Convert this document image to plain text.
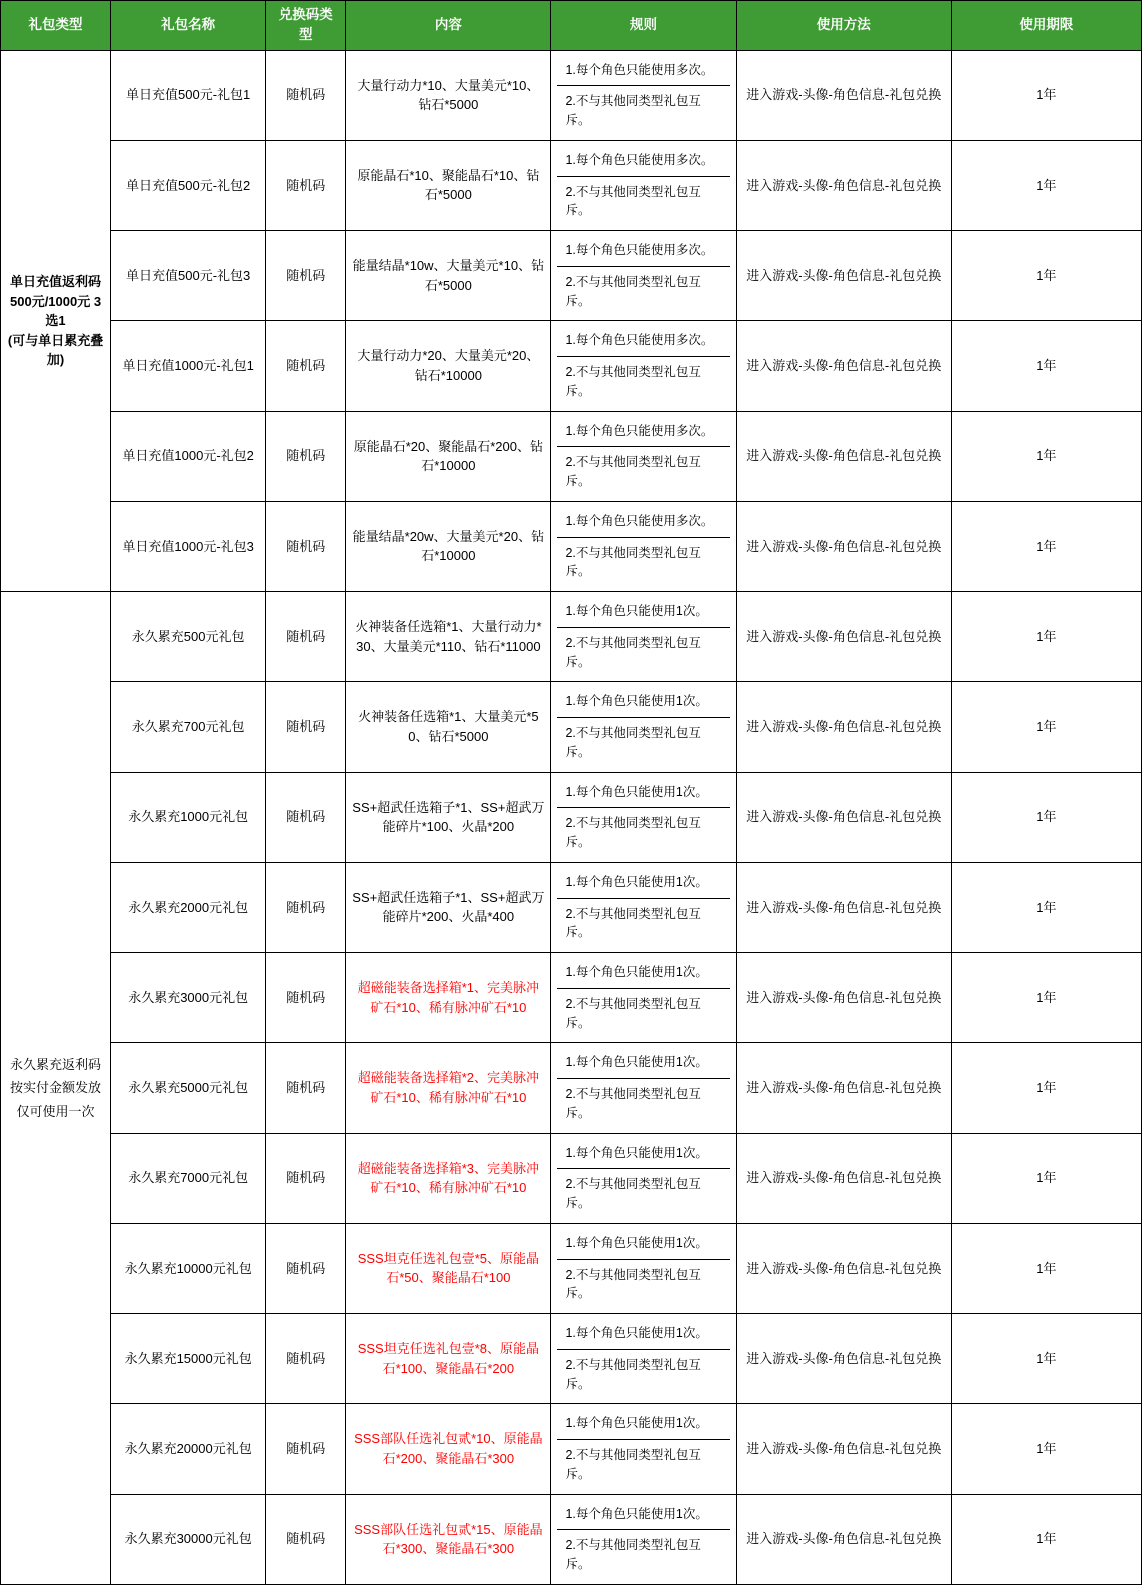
礼包类型	礼包名称	兑换码类型	内容	规则	使用方法	使用期限

单日充值返利码
500元/1000元 3选1
(可与单日累充叠
加)
	单日充值500元-礼包1	随机码	大量行动力*10、大量美元*10、钻石*5000	
1.每个角色只能使用多次。
2.不与其他同类型礼包互斥。
	进入游戏-头像-角色信息-礼包兑换	1年
	单日充值500元-礼包2	随机码	原能晶石*10、聚能晶石*10、钻石*5000	1.每个角色只能使用多次。
2.不与其他同类型礼包互斥。	进入游戏-头像-角色信息-礼包兑换	1年
	单日充值500元-礼包3	随机码	能量结晶*10w、大量美元*10、钻石*5000	1.每个角色只能使用多次。
2.不与其他同类型礼包互斥。	进入游戏-头像-角色信息-礼包兑换	1年
	单日充值1000元-礼包1	随机码	大量行动力*20、大量美元*20、钻石*10000	1.每个角色只能使用多次。
2.不与其他同类型礼包互斥。	进入游戏-头像-角色信息-礼包兑换	1年
	单日充值1000元-礼包2	随机码	原能晶石*20、聚能晶石*200、钻石*10000	1.每个角色只能使用多次。
2.不与其他同类型礼包互斥。	进入游戏-头像-角色信息-礼包兑换	1年
	单日充值1000元-礼包3	随机码	能量结晶*20w、大量美元*20、钻石*10000	1.每个角色只能使用多次。
2.不与其他同类型礼包互斥。	进入游戏-头像-角色信息-礼包兑换	1年

永久累充返利码
按实付金额发放
仅可使用一次
	永久累充500元礼包	随机码	火神装备任选箱*1、大量行动力*30、大量美元*110、钻石*11000	
1.每个角色只能使用1次。
2.不与其他同类型礼包互斥。
	进入游戏-头像-角色信息-礼包兑换	1年
	永久累充700元礼包	随机码	火神装备任选箱*1、大量美元*50、钻石*5000	1.每个角色只能使用1次。
2.不与其他同类型礼包互斥。	进入游戏-头像-角色信息-礼包兑换	1年
	永久累充1000元礼包	随机码	SS+超武任选箱子*1、SS+超武万能碎片*100、火晶*200	1.每个角色只能使用1次。
2.不与其他同类型礼包互斥。	进入游戏-头像-角色信息-礼包兑换	1年
	永久累充2000元礼包	随机码	SS+超武任选箱子*1、SS+超武万能碎片*200、火晶*400	1.每个角色只能使用1次。
2.不与其他同类型礼包互斥。	进入游戏-头像-角色信息-礼包兑换	1年
	永久累充3000元礼包	随机码	超磁能装备选择箱*1、完美脉冲矿石*10、稀有脉冲矿石*10	1.每个角色只能使用1次。
2.不与其他同类型礼包互斥。	进入游戏-头像-角色信息-礼包兑换	1年
	永久累充5000元礼包	随机码	超磁能装备选择箱*2、完美脉冲矿石*10、稀有脉冲矿石*10	1.每个角色只能使用1次。
2.不与其他同类型礼包互斥。	进入游戏-头像-角色信息-礼包兑换	1年
	永久累充7000元礼包	随机码	超磁能装备选择箱*3、完美脉冲矿石*10、稀有脉冲矿石*10	1.每个角色只能使用1次。
2.不与其他同类型礼包互斥。	进入游戏-头像-角色信息-礼包兑换	1年
	永久累充10000元礼包	随机码	SSS坦克任选礼包壹*5、原能晶石*50、聚能晶石*100	1.每个角色只能使用1次。
2.不与其他同类型礼包互斥。	进入游戏-头像-角色信息-礼包兑换	1年
	永久累充15000元礼包	随机码	SSS坦克任选礼包壹*8、原能晶石*100、聚能晶石*200	1.每个角色只能使用1次。
2.不与其他同类型礼包互斥。	进入游戏-头像-角色信息-礼包兑换	1年
	永久累充20000元礼包	随机码	SSS部队任选礼包贰*10、原能晶石*200、聚能晶石*300	1.每个角色只能使用1次。
2.不与其他同类型礼包互斥。	进入游戏-头像-角色信息-礼包兑换	1年
	永久累充30000元礼包	随机码	SSS部队任选礼包贰*15、原能晶石*300、聚能晶石*300	1.每个角色只能使用1次。
2.不与其他同类型礼包互斥。	进入游戏-头像-角色信息-礼包兑换	1年
